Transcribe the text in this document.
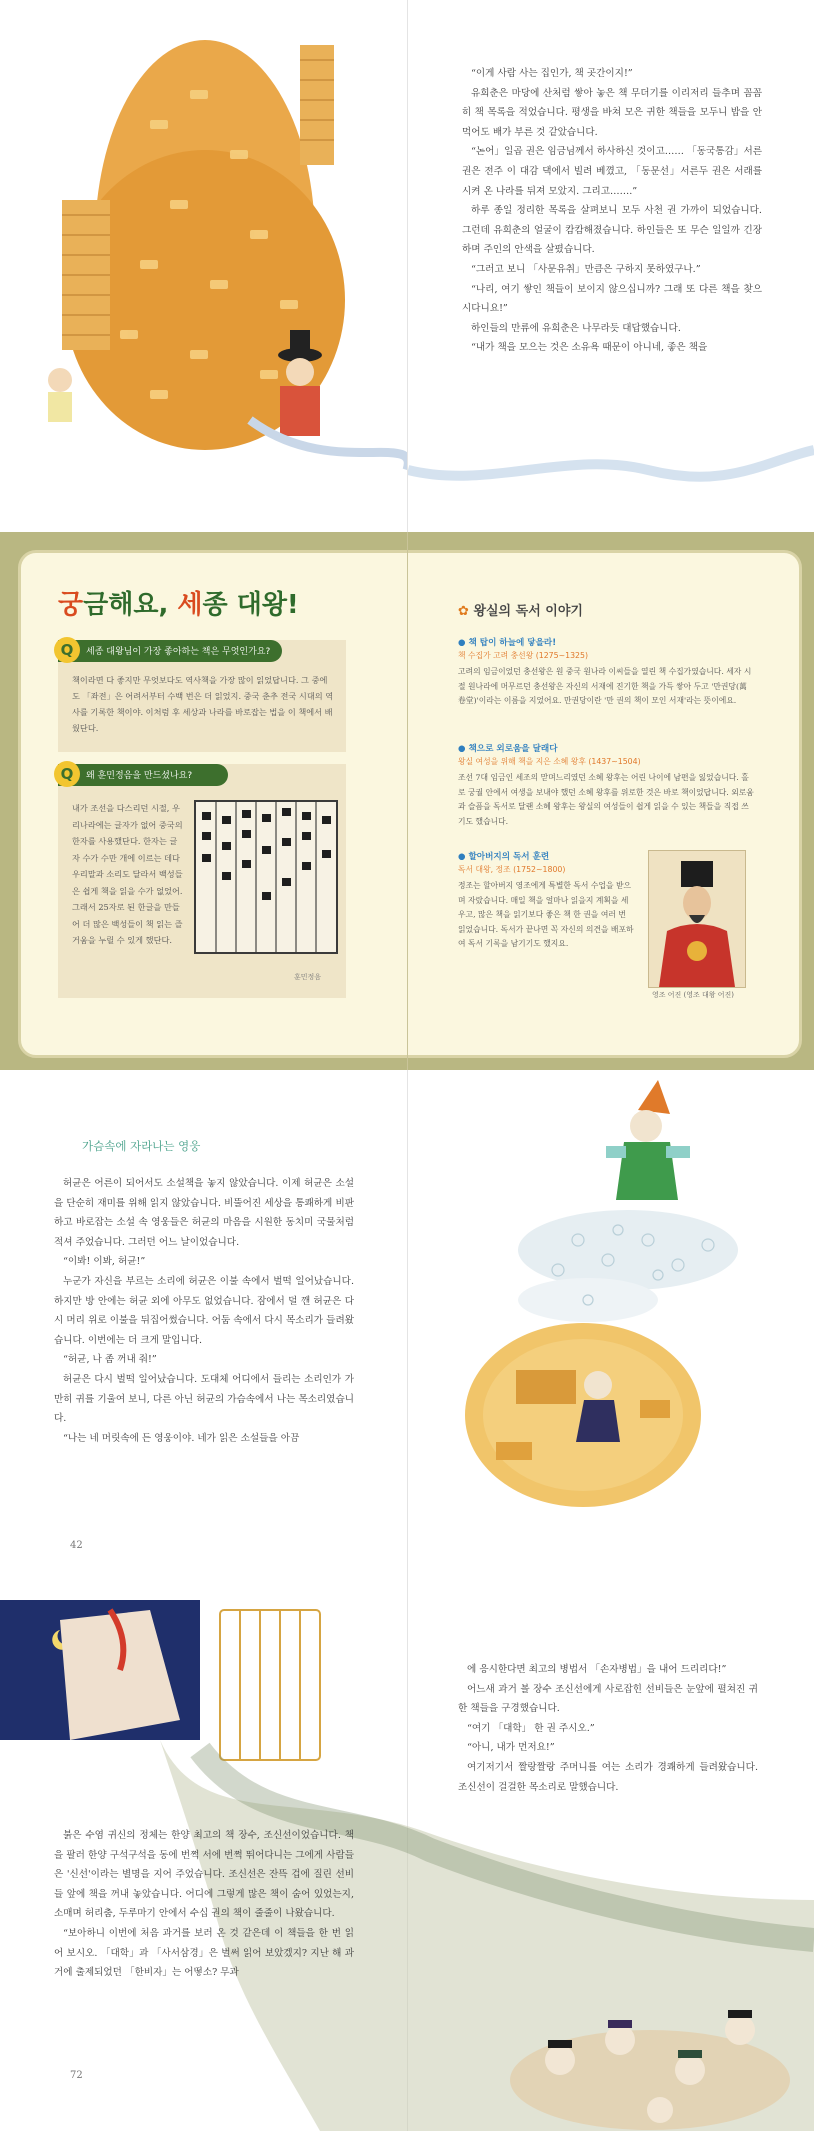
“이게 사람 사는 집인가, 책 곳간이지!”

유희춘은 마당에 산처럼 쌓아 놓은 책 무더기를 이리저리 들추며 꼼꼼히 책 목록을 적었습니다. 평생을 바쳐 모은 귀한 책들을 모두니 밥을 안 먹어도 배가 부른 것 같았습니다.

“논어」일곱 권은 임금님께서 하사하신 것이고…… 「동국통감」서른 권은 전주 이 대감 댁에서 빌려 베꼈고, 「동문선」서른두 권은 서래를 시켜 온 나라를 뒤져 모았지. 그리고…….”

하루 종일 정리한 목록을 살펴보니 모두 사천 권 가까이 되었습니다. 그런데 유희춘의 얼굴이 캄캄해졌습니다. 하인들은 또 무슨 일일까 긴장하며 주인의 안색을 살폈습니다.

“그러고 보니 「사문유취」만큼은 구하지 못하였구나.”

“나리, 여기 쌓인 책들이 보이지 않으십니까? 그래 또 다른 책을 찾으시다니요!”

하인들의 만류에 유희춘은 나무라듯 대답했습니다.

“내가 책을 모으는 것은 소유욕 때문이 아니네, 좋은 책을

궁금해요, 세종 대왕!
Q	세종 대왕님이 가장 좋아하는 책은 무엇인가요?
책이라면 다 좋지만 무엇보다도 역사책을 가장 많이 읽었답니다. 그 중에도 「좌전」은 어려서부터 수백 번은 더 읽었지. 중국 춘추 전국 시대의 역사를 기록한 책이야. 이처럼 후 세상과 나라를 바로잡는 법을 이 책에서 배웠단다.
Q	왜 훈민정음을 만드셨나요?
내가 조선을 다스리던 시절, 우리나라에는 글자가 없어 중국의 한자를 사용했단다. 한자는 글자 수가 수만 개에 이르는 데다 우리말과 소리도 달라서 백성들은 쉽게 책을 읽을 수가 없었어. 그래서 25자로 된 한글을 만들어 더 많은 백성들이 책 읽는 즐거움을 누릴 수 있게 했단다.
훈민정음
✿ 왕실의 독서 이야기
● 책 탑이 하늘에 닿을라!
책 수집가 고려 충선왕 (1275~1325)
고려의 임금이었던 충선왕은 원 중국 원나라 이씨들을 열린 책 수집가였습니다. 세자 시절 원나라에 머무르던 충선왕은 자신의 서재에 진기한 책을 가득 쌓아 두고 '만권당(萬卷堂)'이라는 이름을 지었어요. 만권당이란 '만 권의 책이 모인 서재'라는 뜻이에요.
● 책으로 외로움을 달래다
왕실 여성을 위해 책을 지은 소혜 왕후 (1437~1504)
조선 7대 임금인 세조의 맏며느리였던 소혜 왕후는 어린 나이에 남편을 잃었습니다. 홀로 궁궐 안에서 여생을 보내야 했던 소혜 왕후를 위로한 것은 바로 책이었답니다. 외로움과 슬픔을 독서로 달랜 소혜 왕후는 왕실의 여성들이 쉽게 읽을 수 있는 책들을 직접 쓰기도 했습니다.
● 할아버지의 독서 훈련
독서 대왕, 정조 (1752~1800)
정조는 할아버지 영조에게 특별한 독서 수업을 받으며 자랐습니다. 매일 책을 얼마나 읽을지 계획을 세우고, 많은 책을 읽기보다 좋은 책 한 권을 여러 번 읽었습니다. 독서가 끝나면 꼭 자신의 의견을 배포하여 독서 기록을 남기기도 했지요.
영조 어진 (영조 대왕 어진)
가슴속에 자라나는 영웅

허균은 어른이 되어서도 소설책을 놓지 않았습니다. 이제 허균은 소설을 단순히 재미를 위해 읽지 않았습니다. 비뚤어진 세상을 통쾌하게 비판하고 바로잡는 소설 속 영웅들은 허균의 마음을 시원한 동치미 국물처럼 적셔 주었습니다. 그러던 어느 날이었습니다.

“이봐! 이봐, 허균!”

누군가 자신을 부르는 소리에 허균은 이불 속에서 벌떡 일어났습니다. 하지만 방 안에는 허균 외에 아무도 없었습니다. 잠에서 덜 깬 허균은 다시 머리 위로 이불을 뒤집어썼습니다. 어둠 속에서 다시 목소리가 들려왔습니다. 이번에는 더 크게 말입니다.

“허균, 나 좀 꺼내 줘!”

허균은 다시 벌떡 일어났습니다. 도대체 어디에서 들리는 소리인가 가만히 귀를 기울여 보니, 다른 아닌 허균의 가슴속에서 나는 목소리였습니다.

“나는 네 머릿속에 든 영웅이야. 네가 읽은 소설들을 아끔

42

붉은 수염 귀신의 정체는 한양 최고의 책 장수, 조신선이었습니다. 책을 팔러 한양 구석구석을 동에 번쩍 서에 번쩍 뛰어다니는 그에게 사람들은 '신선'이라는 별명을 지어 주었습니다. 조신선은 잔뜩 겁에 질린 선비들 앞에 책을 꺼내 놓았습니다. 어디에 그렇게 많은 책이 숨어 있었는지, 소매며 허리춤, 두루마기 안에서 수십 권의 책이 줄줄이 나왔습니다.

“보아하니 이번에 처음 과거를 보러 온 것 같은데 이 책들을 한 번 읽어 보시오. 「대학」과 「사서삼경」은 벌써 읽어 보았겠지? 지난 해 과거에 출제되었던 「한비자」는 어떻소? 무과

72

에 응시한다면 최고의 병법서 「손자병법」을 내어 드리리다!”

어느새 과거 볼 장수 조신선에게 사로잡힌 선비들은 눈앞에 펼쳐진 귀한 책들을 구경했습니다.

“여기 「대학」 한 권 주시오.”

“아니, 내가 먼저요!”

여기저기서 짤랑짤랑 주머니를 여는 소리가 경쾌하게 들려왔습니다. 조신선이 걸걸한 목소리로 말했습니다.
